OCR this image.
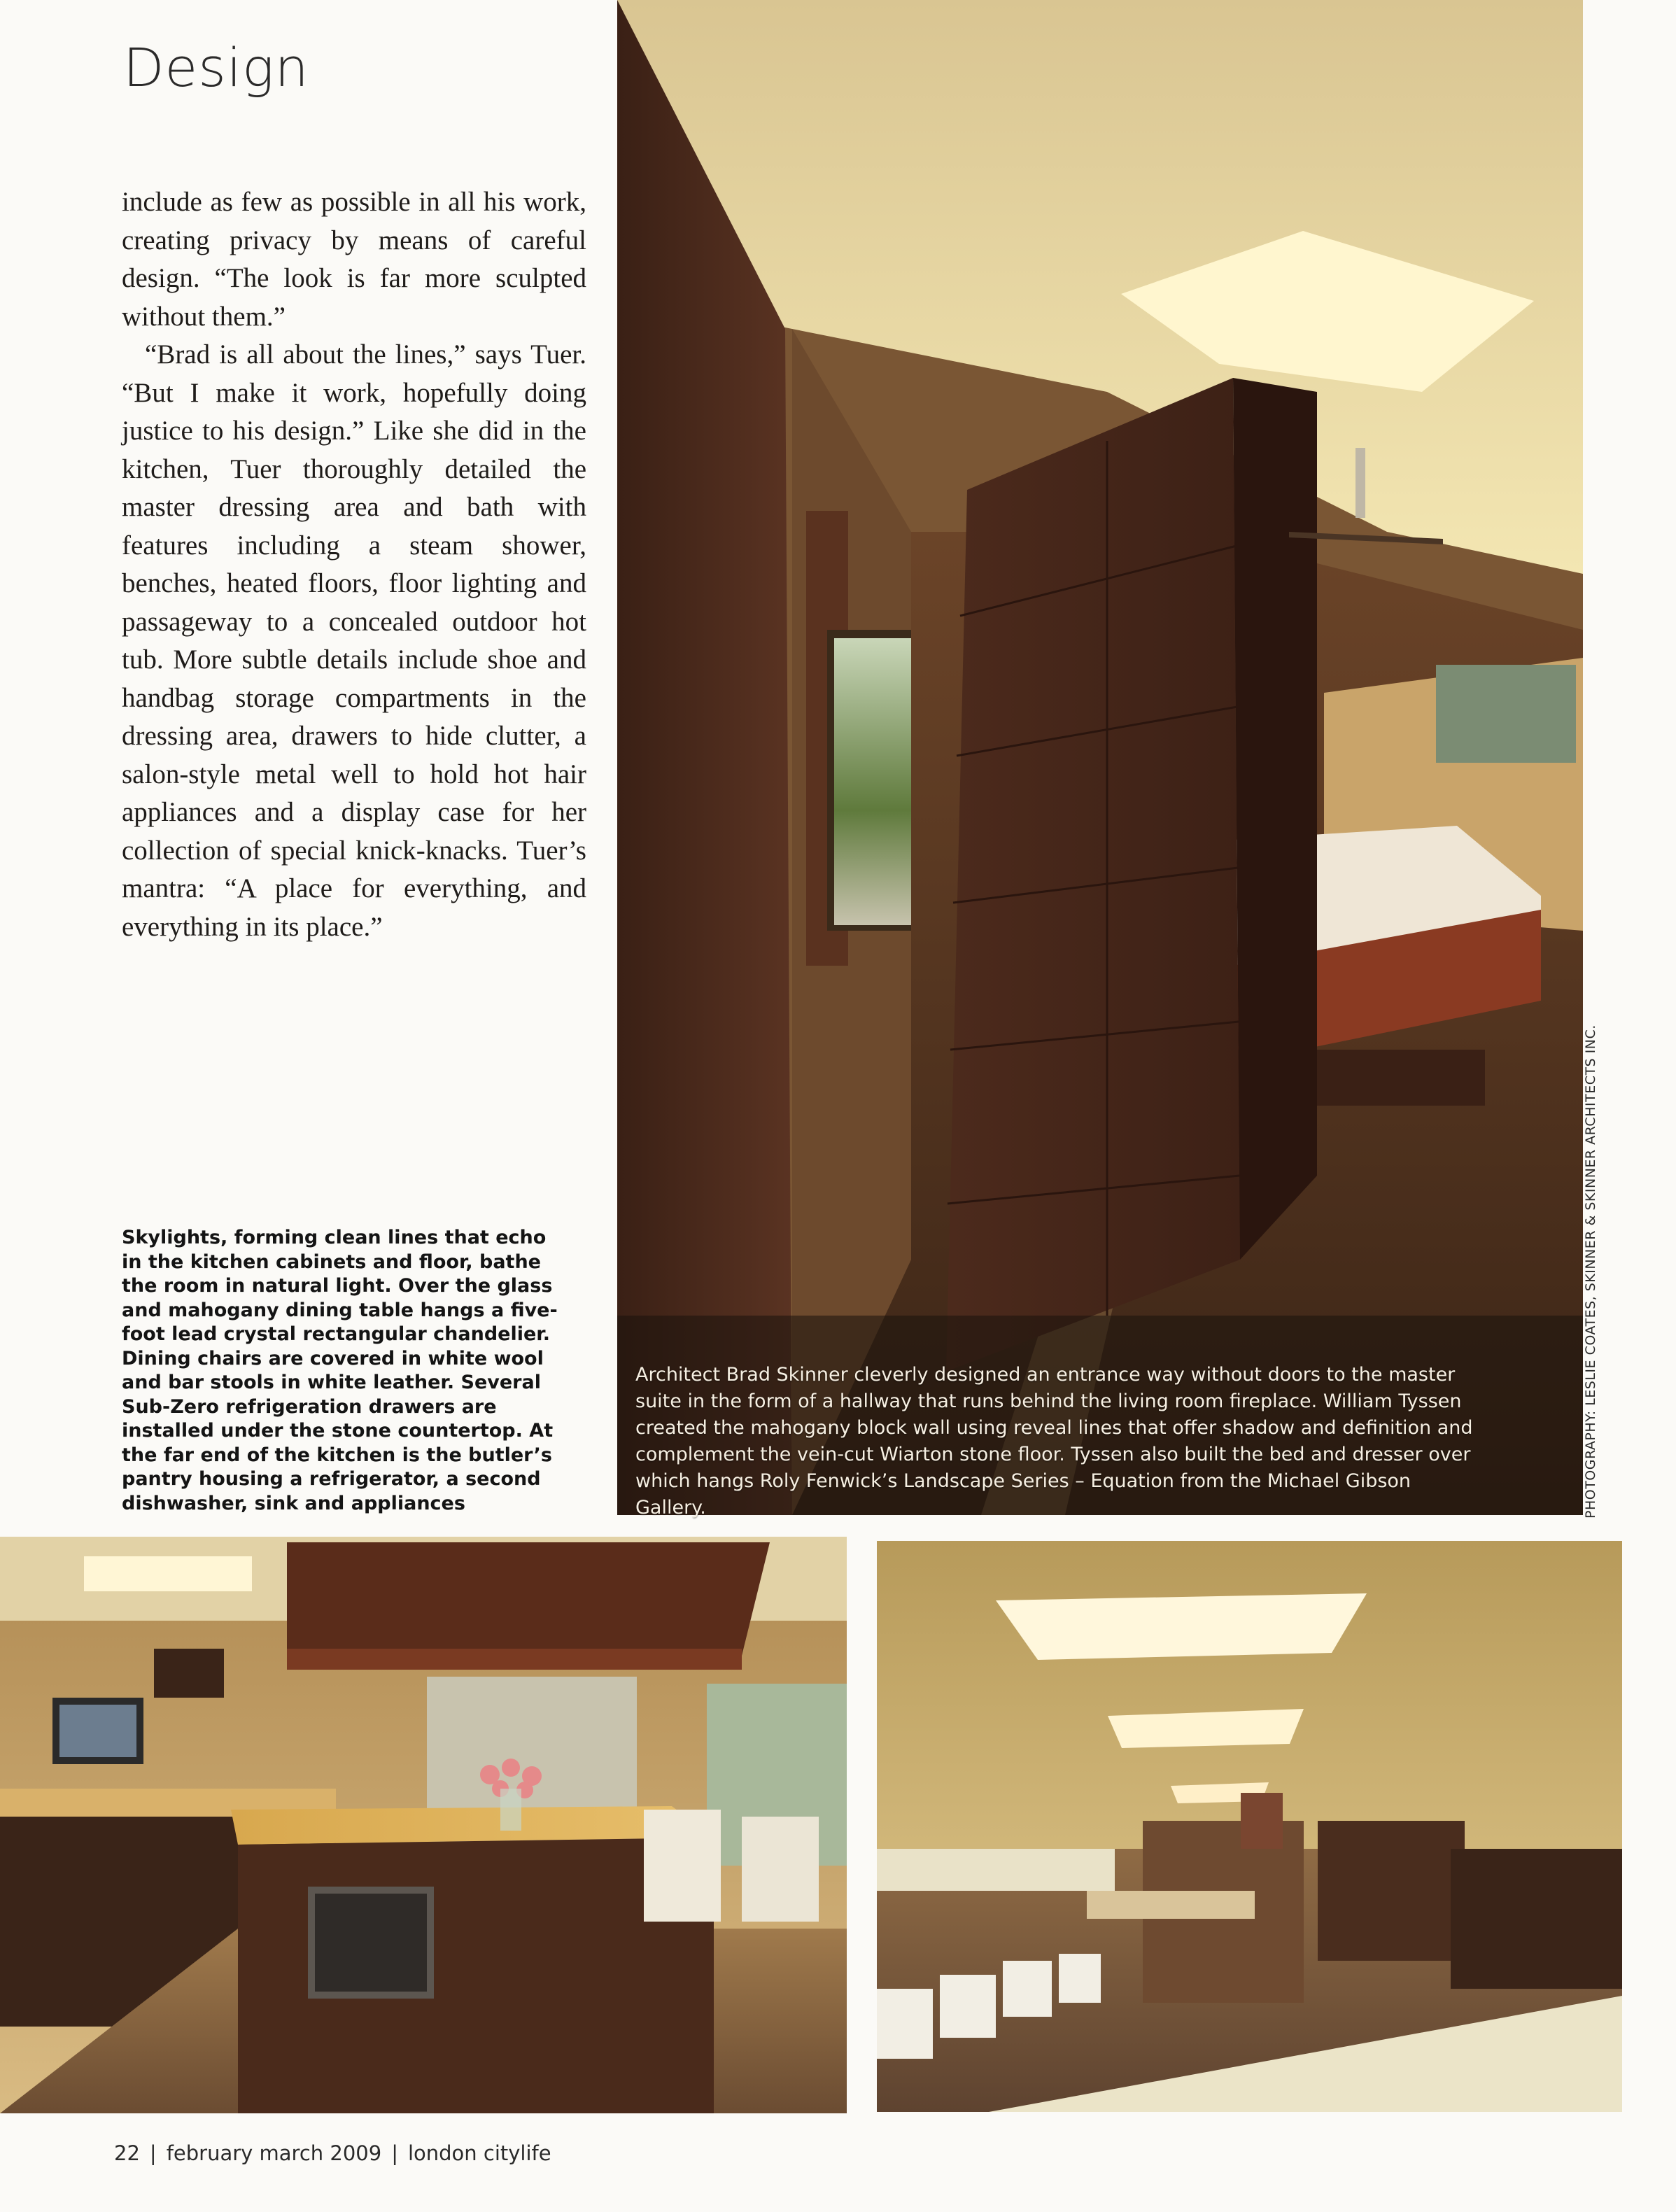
Design

include as few as possible in all his work, creating privacy by means of careful design. “The look is far more sculpted without them.”

“Brad is all about the lines,” says Tuer. “But I make it work, hopefully doing justice to his design.” Like she did in the kitchen, Tuer thoroughly detailed the master dressing area and bath with features including a steam shower, benches, heated floors, floor lighting and passageway to a concealed outdoor hot tub. More subtle details include shoe and handbag storage compartments in the dressing area, drawers to hide clutter, a salon-style metal well to hold hot hair appliances and a display case for her collection of special knick-knacks. Tuer’s mantra: “A place for everything, and everything in its place.”

Skylights, forming clean lines that echo in the kitchen cabinets and floor, bathe the room in natural light. Over the glass and mahogany dining table hangs a five-foot lead crystal rectangular chandelier. Dining chairs are covered in white wool and bar stools in white leather. Several Sub-Zero refrigeration drawers are installed under the stone countertop. At the far end of the kitchen is the butler’s pantry housing a refrigerator, a second dishwasher, sink and appliances

Architect Brad Skinner cleverly designed an entrance way without doors to the master suite in the form of a hallway that runs behind the living room fireplace. William Tyssen created the mahogany block wall using reveal lines that offer shadow and definition and complement the vein-cut Wiarton stone floor. Tyssen also built the bed and dresser over which hangs Roly Fenwick’s Landscape Series – Equation from the Michael Gibson Gallery.	PHOTOGRAPHY: LESLIE COATES, SKINNER & SKINNER ARCHITECTS INC.
22 | february march 2009 | london citylife
